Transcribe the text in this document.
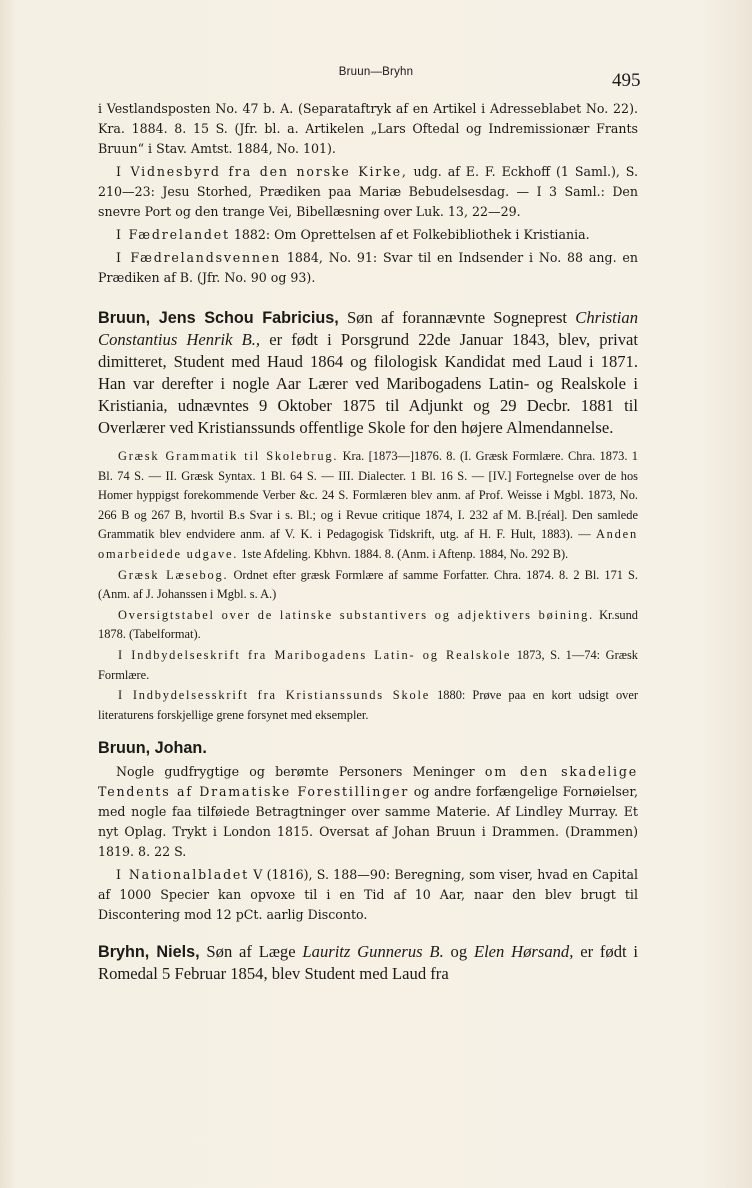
Bruun—Bryhn	495

i Vestlandsposten No. 47 b. A. (Separataftryk af en Artikel i Adresseblabet No. 22). Kra. 1884. 8. 15 S. (Jfr. bl. a. Artikelen „Lars Oftedal og Indremissionær Frants Bruun“ i Stav. Amtst. 1884, No. 101).

I Vidnesbyrd fra den norske Kirke, udg. af E. F. Eckhoff (1 Saml.), S. 210—23: Jesu Storhed, Prædiken paa Mariæ Bebudelsesdag. — I 3 Saml.: Den snevre Port og den trange Vei, Bibellæsning over Luk. 13, 22—29.

I Fædrelandet 1882: Om Oprettelsen af et Folkebibliothek i Kristiania.

I Fædrelandsvennen 1884, No. 91: Svar til en Indsender i No. 88 ang. en Prædiken af B. (Jfr. No. 90 og 93).

Bruun, Jens Schou Fabricius, Søn af forannævnte Sogneprest Christian Constantius Henrik B., er født i Porsgrund 22de Januar 1843, blev, privat dimitteret, Student med Haud 1864 og filologisk Kandidat med Laud i 1871. Han var derefter i nogle Aar Lærer ved Maribogadens Latin- og Realskole i Kristiania, udnævntes 9 Oktober 1875 til Adjunkt og 29 Decbr. 1881 til Overlærer ved Kristianssunds offentlige Skole for den højere Almendannelse.

Græsk Grammatik til Skolebrug. Kra. [1873—]1876. 8. (I. Græsk Formlære. Chra. 1873. 1 Bl. 74 S. — II. Græsk Syntax. 1 Bl. 64 S. — III. Dialecter. 1 Bl. 16 S. — [IV.] Fortegnelse over de hos Homer hyppigst forekommende Verber &c. 24 S. Formlæren blev anm. af Prof. Weisse i Mgbl. 1873, No. 266 B og 267 B, hvortil B.s Svar i s. Bl.; og i Revue critique 1874, I. 232 af M. B.[réal]. Den samlede Grammatik blev endvidere anm. af V. K. i Pedagogisk Tidskrift, utg. af H. F. Hult, 1883). — Anden omarbeidede udgave. 1ste Afdeling. Kbhvn. 1884. 8. (Anm. i Aftenp. 1884, No. 292 B).

Græsk Læsebog. Ordnet efter græsk Formlære af samme Forfatter. Chra. 1874. 8. 2 Bl. 171 S. (Anm. af J. Johanssen i Mgbl. s. A.)

Oversigtstabel over de latinske substantivers og adjektivers bøining. Kr.sund 1878. (Tabelformat).

I Indbydelseskrift fra Maribogadens Latin- og Realskole 1873, S. 1—74: Græsk Formlære.

I Indbydelsesskrift fra Kristianssunds Skole 1880: Prøve paa en kort udsigt over literaturens forskjellige grene forsynet med eksempler.

Bruun, Johan.

Nogle gudfrygtige og berømte Personers Meninger om den skadelige Tendents af Dramatiske Forestillinger og andre forfængelige Fornøielser, med nogle faa tilføiede Betragtninger over samme Materie. Af Lindley Murray. Et nyt Oplag. Trykt i London 1815. Oversat af Johan Bruun i Drammen. (Drammen) 1819. 8. 22 S.

I Nationalbladet V (1816), S. 188—90: Beregning, som viser, hvad en Capital af 1000 Specier kan opvoxe til i en Tid af 10 Aar, naar den blev brugt til Discontering mod 12 pCt. aarlig Disconto.

Bryhn, Niels, Søn af Læge Lauritz Gunnerus B. og Elen Hørsand, er født i Romedal 5 Februar 1854, blev Student med Laud fra
